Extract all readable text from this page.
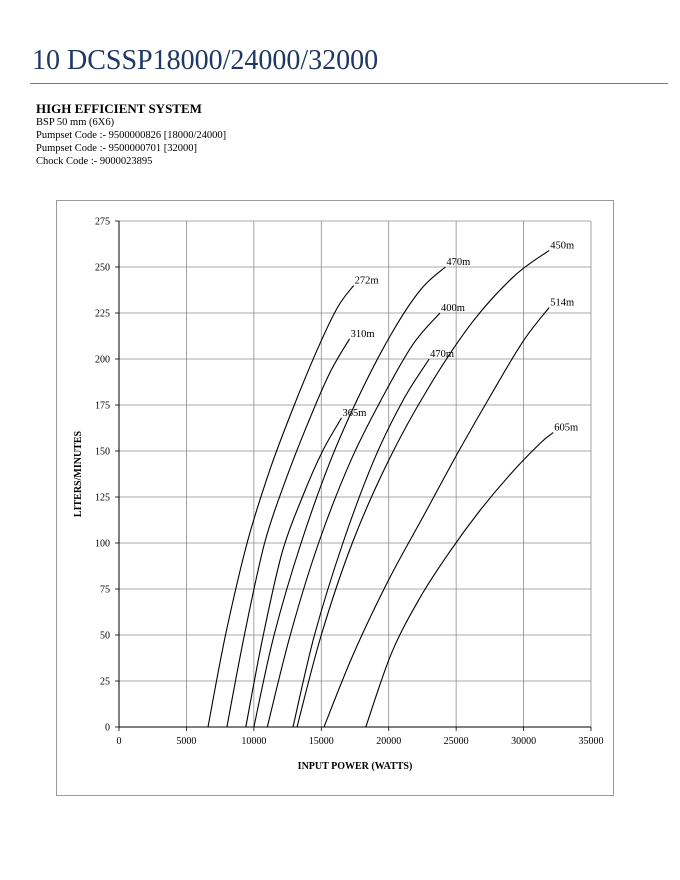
10 DCSSP18000/24000/32000

HIGH EFFICIENT SYSTEM

BSP 50 mm (6X6)

Pumpset Code :- 9500000826 [18000/24000]

Pumpset Code :- 9500000701 [32000]

Chock Code :- 9000023895

0
25
50
75
100
125
150
175
200
225
250
275
0	5000	10000	15000	20000	25000	30000	35000
INPUT POWER (WATTS)
LITERS/MINUTES
272m
310m
365m
470m
400m
470m
450m
514m
605m
